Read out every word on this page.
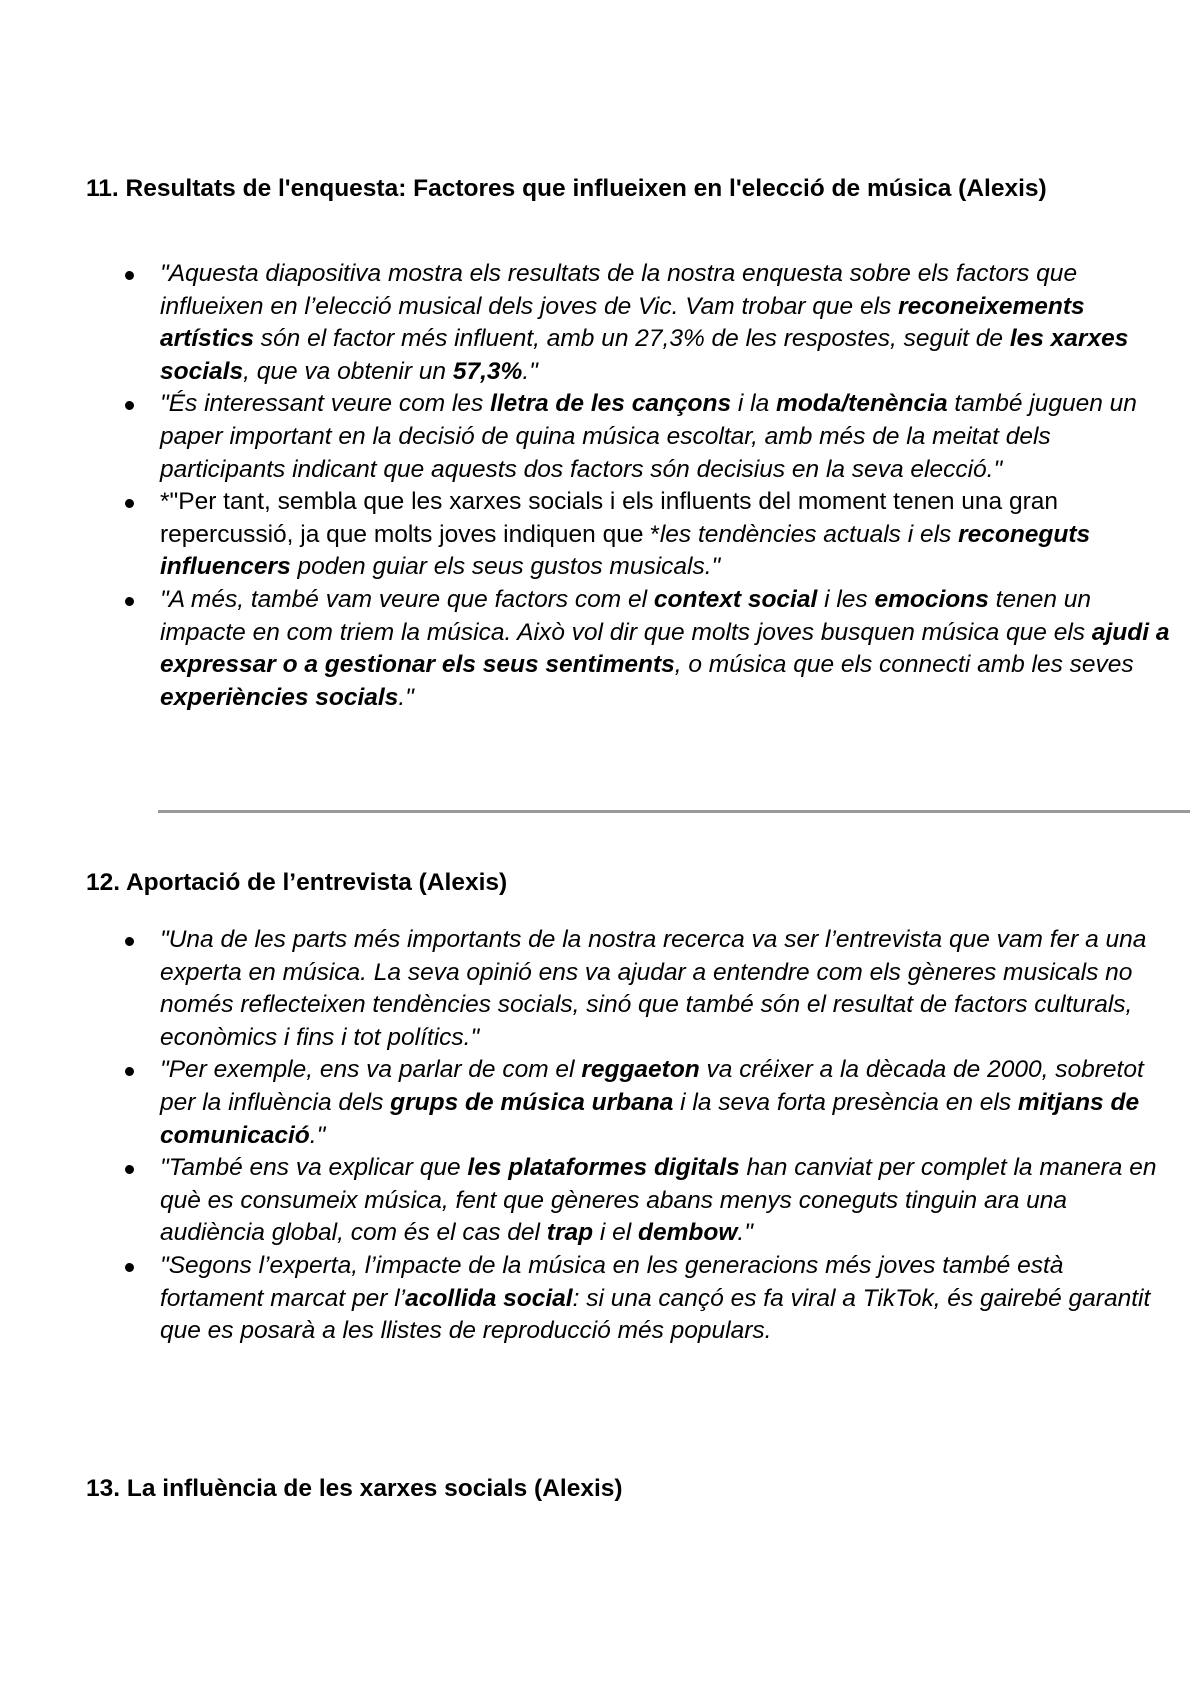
11. Resultats de l'enquesta: Factores que influeixen en l'elecció de música (Alexis)
"Aquesta diapositiva mostra els resultats de la nostra enquesta sobre els factors que influeixen en l’elecció musical dels joves de Vic. Vam trobar que els reconeixements artístics són el factor més influent, amb un 27,3% de les respostes, seguit de les xarxes socials, que va obtenir un 57,3%."
"És interessant veure com les lletra de les cançons i la moda/tenència també juguen un paper important en la decisió de quina música escoltar, amb més de la meitat dels participants indicant que aquests dos factors són decisius en la seva elecció."
*"Per tant, sembla que les xarxes socials i els influents del moment tenen una gran repercussió, ja que molts joves indiquen que *les tendències actuals i els reconeguts influencers poden guiar els seus gustos musicals."
"A més, també vam veure que factors com el context social i les emocions tenen un impacte en com triem la música. Això vol dir que molts joves busquen música que els ajudi a expressar o a gestionar els seus sentiments, o música que els connecti amb les seves experiències socials."
12. Aportació de l’entrevista (Alexis)
"Una de les parts més importants de la nostra recerca va ser l’entrevista que vam fer a una experta en música. La seva opinió ens va ajudar a entendre com els gèneres musicals no només reflecteixen tendències socials, sinó que també són el resultat de factors culturals, econòmics i fins i tot polítics."
"Per exemple, ens va parlar de com el reggaeton va créixer a la dècada de 2000, sobretot per la influència dels grups de música urbana i la seva forta presència en els mitjans de comunicació."
"També ens va explicar que les plataformes digitals han canviat per complet la manera en què es consumeix música, fent que gèneres abans menys coneguts tinguin ara una audiència global, com és el cas del trap i el dembow."
"Segons l’experta, l’impacte de la música en les generacions més joves també està fortament marcat per l’acollida social: si una cançó es fa viral a TikTok, és gairebé garantit que es posarà a les llistes de reproducció més populars.
13. La influència de les xarxes socials (Alexis)
